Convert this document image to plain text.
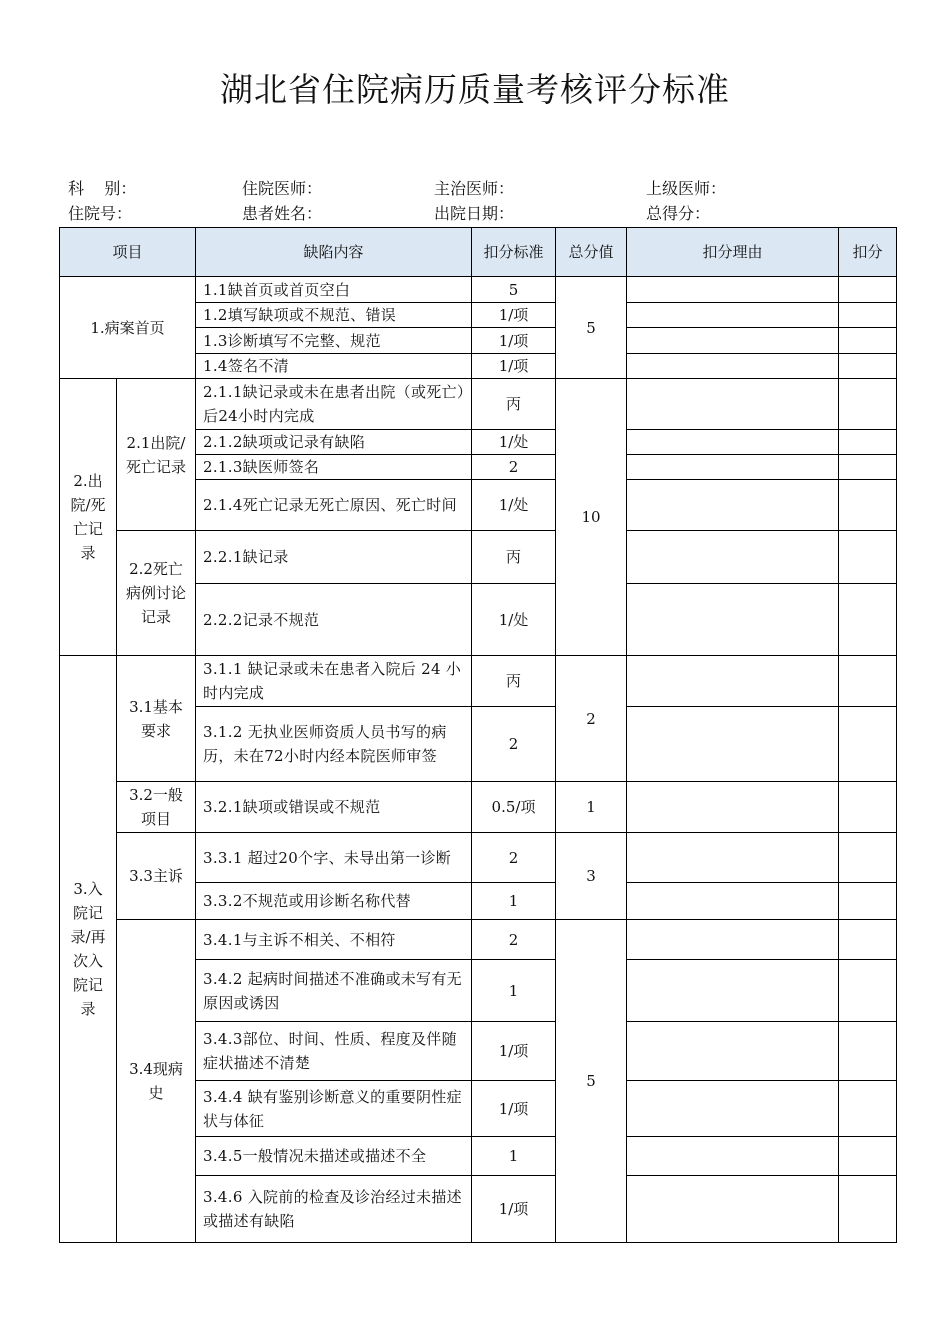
湖北省住院病历质量考核评分标准
科    别：	住院医师：	主治医师：	上级医师：
住院号：	患者姓名：	出院日期：	总得分：
项目		缺陷内容	扣分标准	总分值	扣分理由	扣分
1.病案首页		1.1缺首页或首页空白	5	5		
		1.2填写缺项或不规范、错误	1/项			
		1.3诊断填写不完整、规范	1/项			
		1.4签名不清	1/项			
2.出院/死亡记录	2.1出院/死亡记录	2.1.1缺记录或未在患者出院（或死亡）后24小时内完成	丙	10		
		2.1.2缺项或记录有缺陷	1/处			
		2.1.3缺医师签名	2			
		2.1.4死亡记录无死亡原因、死亡时间	1/处			
	2.2死亡病例讨论记录	2.2.1缺记录	丙			
		2.2.2记录不规范	1/处			
3.入院记录/再次入院记录	3.1基本要求	3.1.1 缺记录或未在患者入院后 24 小时内完成	丙	2		
		3.1.2 无执业医师资质人员书写的病历，未在72小时内经本院医师审签	2			
	3.2一般项目	3.2.1缺项或错误或不规范	0.5/项	1		
	3.3主诉	3.3.1 超过20个字、未导出第一诊断	2	3		
		3.3.2不规范或用诊断名称代替	1			
	3.4现病史	3.4.1与主诉不相关、不相符	2	5		
		3.4.2 起病时间描述不准确或未写有无原因或诱因	1			
		3.4.3部位、时间、性质、程度及伴随症状描述不清楚	1/项			
		3.4.4 缺有鉴别诊断意义的重要阴性症状与体征	1/项			
		3.4.5一般情况未描述或描述不全	1			
		3.4.6 入院前的检查及诊治经过未描述或描述有缺陷	1/项			
